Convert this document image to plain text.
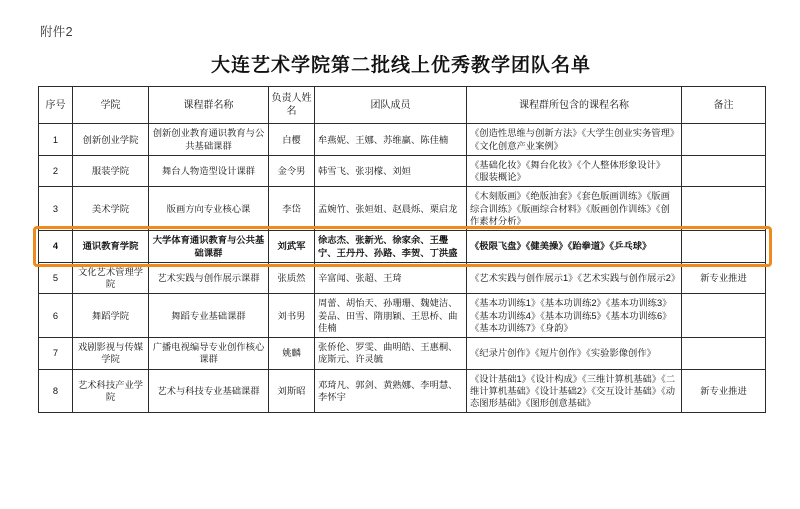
附件2
大连艺术学院第二批线上优秀教学团队名单
序号	学院	课程群名称	负责人姓名	团队成员	课程群所包含的课程名称	备注
1	创新创业学院	创新创业教育通识教育与公共基础课群	白樱	牟燕妮、王娜、苏维赢、陈佳楠	《创造性思维与创新方法》《大学生创业实务管理》《文化创意产业案例》	
2	服装学院	舞台人物造型设计课群	金令男	韩雪飞、张羽檬、刘姮	《基础化妆》《舞台化妆》《个人整体形象设计》《服装概论》	
3	美术学院	版画方向专业核心课	李岱	孟婉竹、张姮姐、赵晨烁、栗启龙	《木刻版画》《绝版油套》《套色版画训练》《版画综合训练》《版画综合材料》《版画创作训练》《创作素材分析》	
4	通识教育学院	大学体育通识教育与公共基础课群	刘武军	徐志杰、张新光、徐家余、王璺宁、王丹丹、孙路、李贺、丁洪盛	《极限飞盘》《健美操》《跆拳道》《乒乓球》	
5	文化艺术管理学院	艺术实践与创作展示课群	张质然	辛富闻、张超、王琦	《艺术实践与创作展示1》《艺术实践与创作展示2》	新专业推进
6	舞蹈学院	舞蹈专业基础课群	刘书男	周蕾、胡怡天、孙珊珊、魏婕洁、姜品、田雪、隋朋颖、王思桥、曲佳楠	《基本功训练1》《基本功训练2》《基本功训练3》《基本功训练4》《基本功训练5》《基本功训练6》《基本功训练7》《身韵》	
7	戏剧影视与传媒学院	广播电视编导专业创作核心课群	姚麟	张侨伦、罗雯、曲明皓、王惠桐、庞斯元、许灵毓	《纪录片创作》《短片创作》《实验影像创作》	
8	艺术科技产业学院	艺术与科技专业基础课群	刘斯昭	邓琦凡、郭剑、黄熟娜、李明慧、李怀宇	《设计基础1》《设计构成》《三维计算机基础》《二维计算机基础》《设计基础2》《交互设计基础》《动态图形基础》《图形创意基础》	新专业推进
